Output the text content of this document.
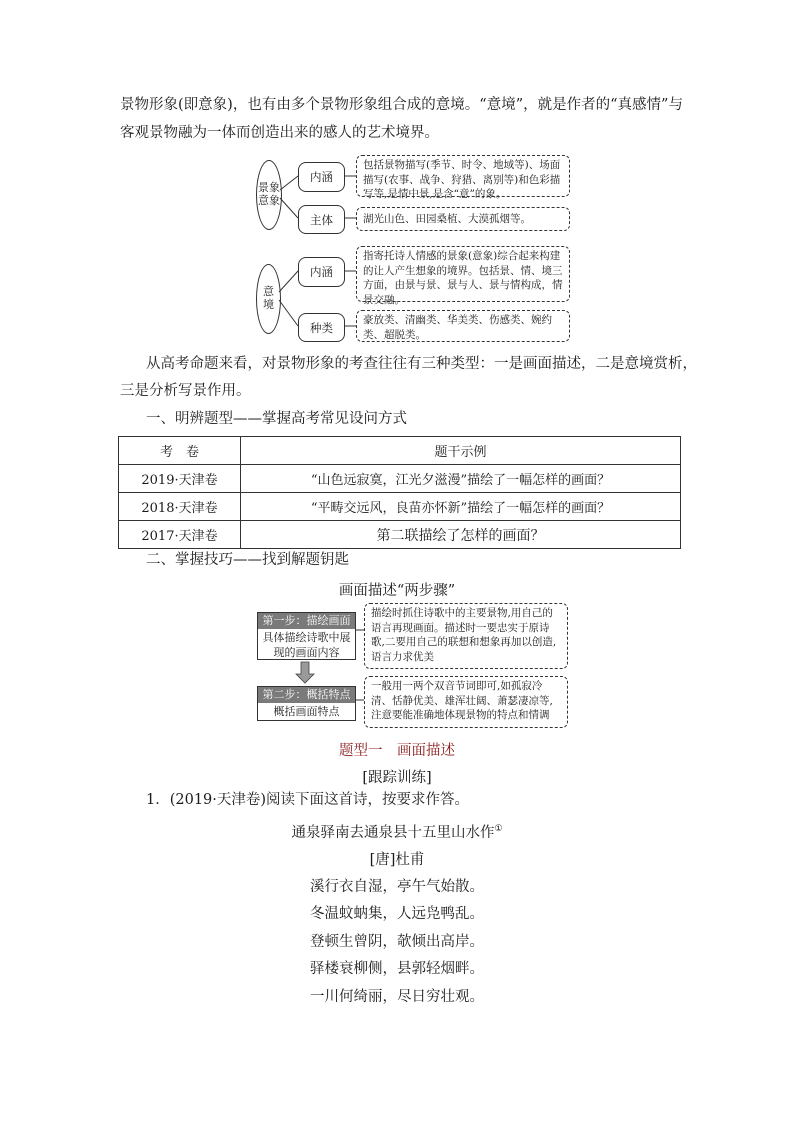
景物形象(即意象)，也有由多个景物形象组合成的意境。“意境”，就是作者的“真感情”与
客观景物融为一体而创造出来的感人的艺术境界。
景象
意象
内涵
包括景物描写(季节、时令、地域等)、场面描写(农事、战争、狩猎、离别等)和色彩描写等,是情中景,是含“意”的象。
主体	湖光山色、田园桑植、大漠孤烟等。
意
境
内涵
指寄托诗人情感的景象(意象)综合起来构建的让人产生想象的境界。包括景、情、境三方面，由景与景、景与人、景与情构成，情景交融。
种类
豪放类、清幽类、华美类、伤感类、婉约类、超脱类。
从高考命题来看，对景物形象的考查往往有三种类型：一是画面描述，二是意境赏析，
三是分析写景作用。
一、明辨题型——掌握高考常见设问方式
考　卷	题干示例
2019·天津卷	“山色远寂寞，江光夕滋漫”描绘了一幅怎样的画面？
2018·天津卷	“平畴交远风，良苗亦怀新”描绘了一幅怎样的画面？
2017·天津卷	第二联描绘了怎样的画面？
二、掌握技巧——找到解题钥匙
画面描述“两步骤”
第一步：描绘画面
具体描绘诗歌中展现的画面内容
描绘时抓住诗歌中的主要景物,用自己的语言再现画面。描述时一要忠实于原诗歌,二要用自己的联想和想象再加以创造,语言力求优美
第二步：概括特点
概括画面特点
一般用一两个双音节词即可,如孤寂冷清、恬静优美、雄浑壮阔、萧瑟凄凉等,注意要能准确地体现景物的特点和情调
题型一　画面描述
[跟踪训练]
1．(2019·天津卷)阅读下面这首诗，按要求作答。
通泉驿南去通泉县十五里山水作①
[唐]杜甫
溪行衣自湿，亭午气始散。
冬温蚊蚋集，人远凫鸭乱。
登顿生曾阴，欹倾出高岸。
驿楼衰柳侧，县郭轻烟畔。
一川何绮丽，尽日穷壮观。
